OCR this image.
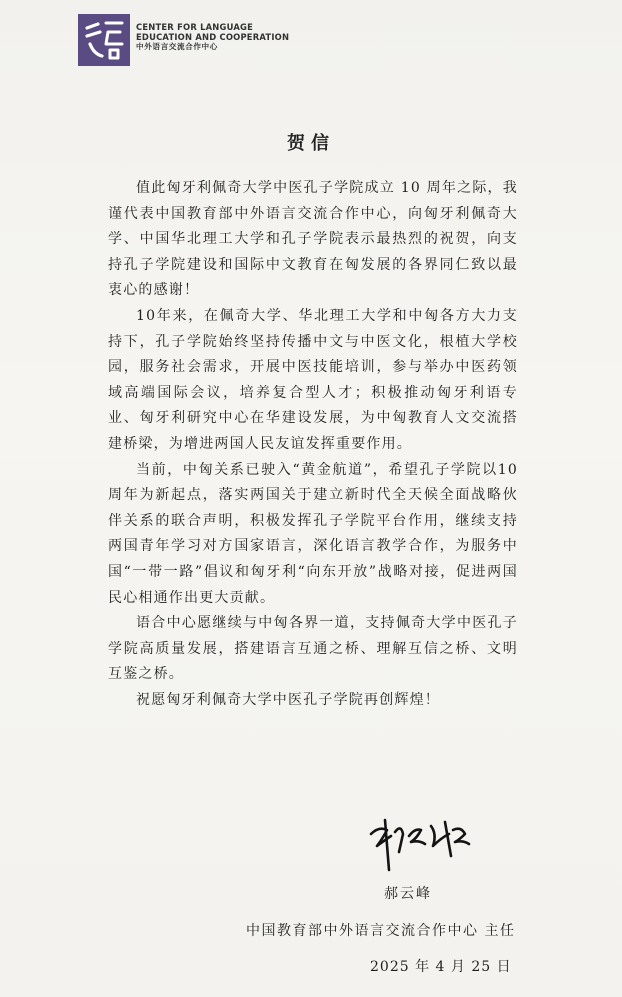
CENTER FOR LANGUAGE
EDUCATION AND COOPERATION
中外语言交流合作中心
贺信

值此匈牙利佩奇大学中医孔子学院成立 10 周年之际，我谨代表中国教育部中外语言交流合作中心，向匈牙利佩奇大学、中国华北理工大学和孔子学院表示最热烈的祝贺，向支持孔子学院建设和国际中文教育在匈发展的各界同仁致以最衷心的感谢！

10年来，在佩奇大学、华北理工大学和中匈各方大力支持下，孔子学院始终坚持传播中文与中医文化，根植大学校园，服务社会需求，开展中医技能培训，参与举办中医药领域高端国际会议，培养复合型人才；积极推动匈牙利语专业、匈牙利研究中心在华建设发展，为中匈教育人文交流搭建桥梁，为增进两国人民友谊发挥重要作用。

当前，中匈关系已驶入“黄金航道”，希望孔子学院以10周年为新起点，落实两国关于建立新时代全天候全面战略伙伴关系的联合声明，积极发挥孔子学院平台作用，继续支持两国青年学习对方国家语言，深化语言教学合作，为服务中国“一带一路”倡议和匈牙利“向东开放”战略对接，促进两国民心相通作出更大贡献。

语合中心愿继续与中匈各界一道，支持佩奇大学中医孔子学院高质量发展，搭建语言互通之桥、理解互信之桥、文明互鉴之桥。

祝愿匈牙利佩奇大学中医孔子学院再创辉煌！

郝云峰
中国教育部中外语言交流合作中心 主任
2025 年 4 月 25 日
